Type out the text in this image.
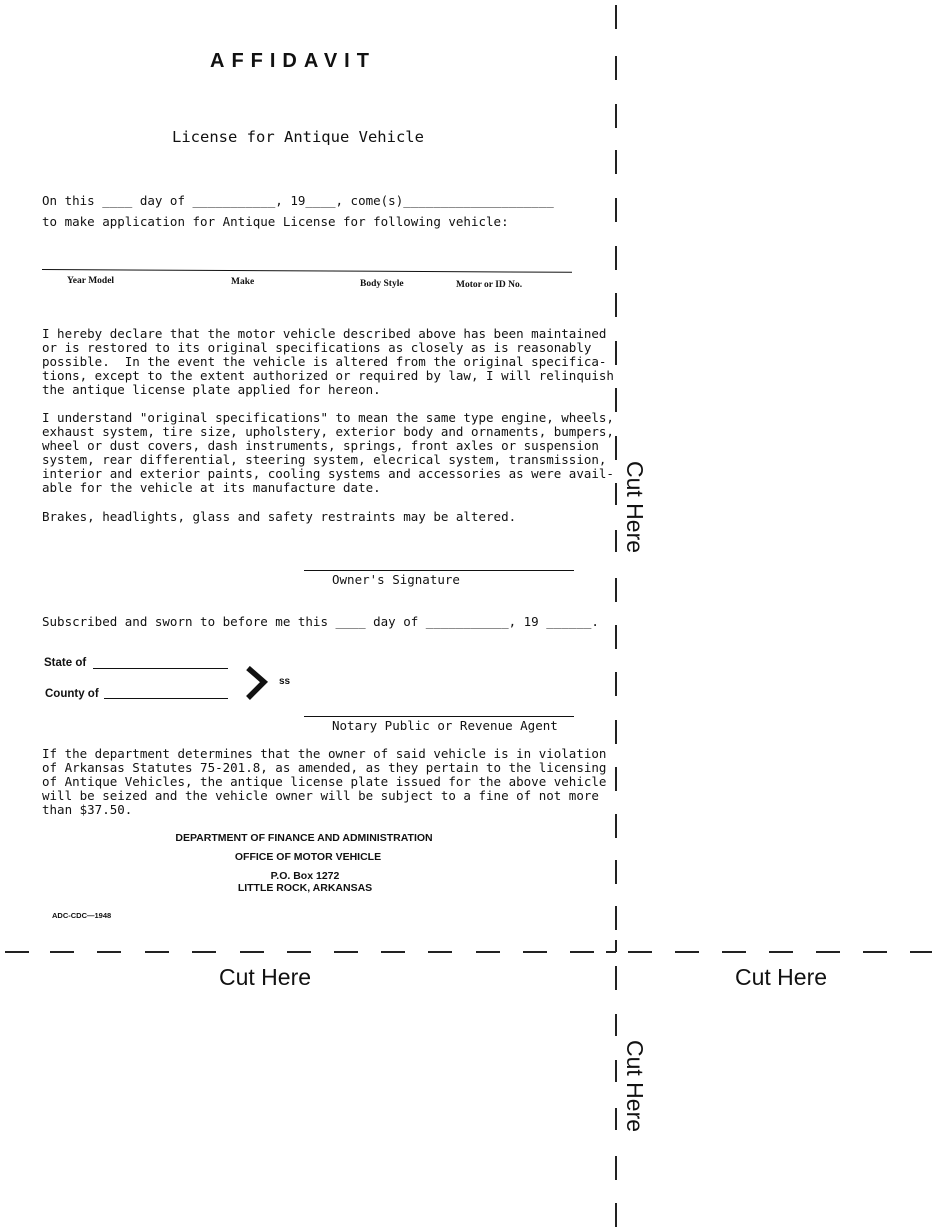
AFFIDAVIT
License for Antique Vehicle
On this ____ day of ___________, 19____, come(s)____________________
to make application for Antique License for following vehicle:
Year Model	Make	Body Style	Motor or ID No.
I hereby declare that the motor vehicle described above has been maintained
or is restored to its original specifications as closely as is reasonably
possible.  In the event the vehicle is altered from the original specifica-
tions, except to the extent authorized or required by law, I will relinquish
the antique license plate applied for hereon.
I understand "original specifications" to mean the same type engine, wheels,
exhaust system, tire size, upholstery, exterior body and ornaments, bumpers,
wheel or dust covers, dash instruments, springs, front axles or suspension
system, rear differential, steering system, elecrical system, transmission,
interior and exterior paints, cooling systems and accessories as were avail-
able for the vehicle at its manufacture date.
Brakes, headlights, glass and safety restraints may be altered.
Owner's Signature
Subscribed and sworn to before me this ____ day of ___________, 19 ______.
State of
County of
ss
Notary Public or Revenue Agent
If the department determines that the owner of said vehicle is in violation
of Arkansas Statutes 75-201.8, as amended, as they pertain to the licensing
of Antique Vehicles, the antique license plate issued for the above vehicle
will be seized and the vehicle owner will be subject to a fine of not more
than $37.50.
DEPARTMENT OF FINANCE AND ADMINISTRATION
OFFICE OF MOTOR VEHICLE
P.O. Box 1272
LITTLE ROCK, ARKANSAS
ADC-CDC—1948
Cut Here
Cut Here	Cut Here
Cut Here
